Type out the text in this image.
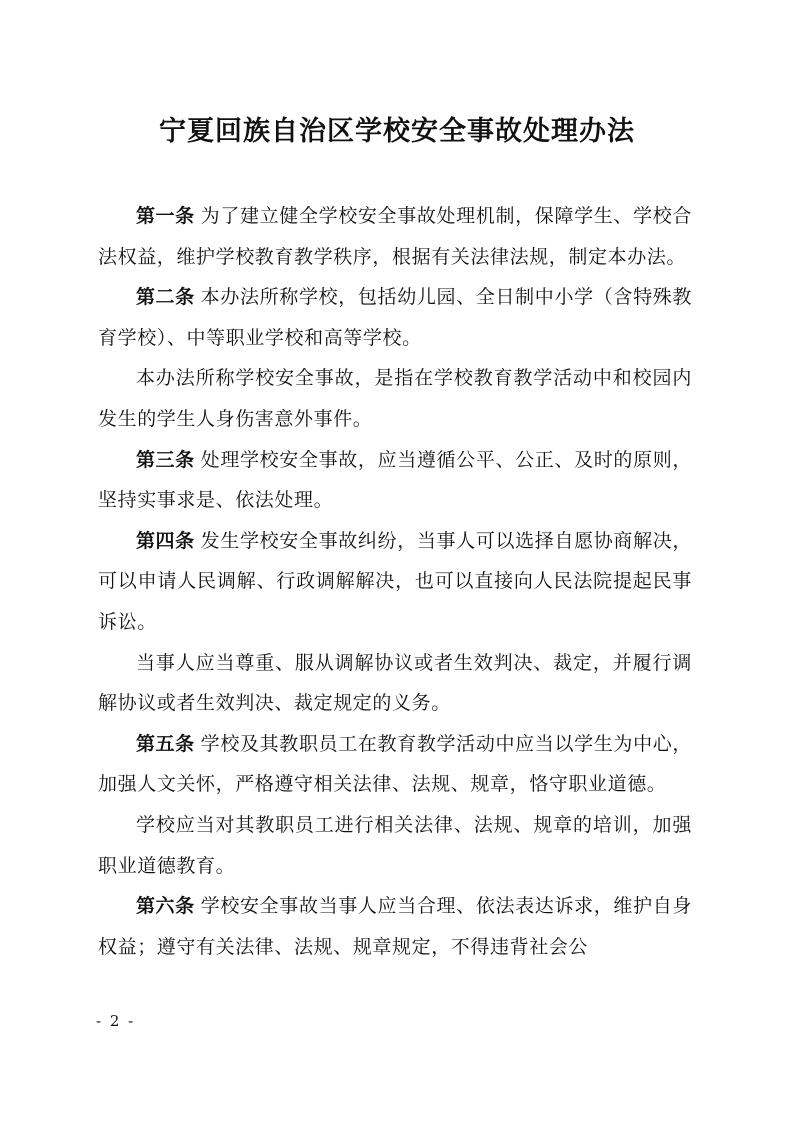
宁夏回族自治区学校安全事故处理办法

第一条 为了建立健全学校安全事故处理机制，保障学生、学校合法权益，维护学校教育教学秩序，根据有关法律法规，制定本办法。

第二条 本办法所称学校，包括幼儿园、全日制中小学（含特殊教育学校）、中等职业学校和高等学校。

本办法所称学校安全事故，是指在学校教育教学活动中和校园内发生的学生人身伤害意外事件。

第三条 处理学校安全事故，应当遵循公平、公正、及时的原则，坚持实事求是、依法处理。

第四条 发生学校安全事故纠纷，当事人可以选择自愿协商解决，可以申请人民调解、行政调解解决，也可以直接向人民法院提起民事诉讼。

当事人应当尊重、服从调解协议或者生效判决、裁定，并履行调解协议或者生效判决、裁定规定的义务。

第五条 学校及其教职员工在教育教学活动中应当以学生为中心，加强人文关怀，严格遵守相关法律、法规、规章，恪守职业道德。

学校应当对其教职员工进行相关法律、法规、规章的培训，加强职业道德教育。

第六条 学校安全事故当事人应当合理、依法表达诉求，维护自身权益；遵守有关法律、法规、规章规定，不得违背社会公

- 2 -
